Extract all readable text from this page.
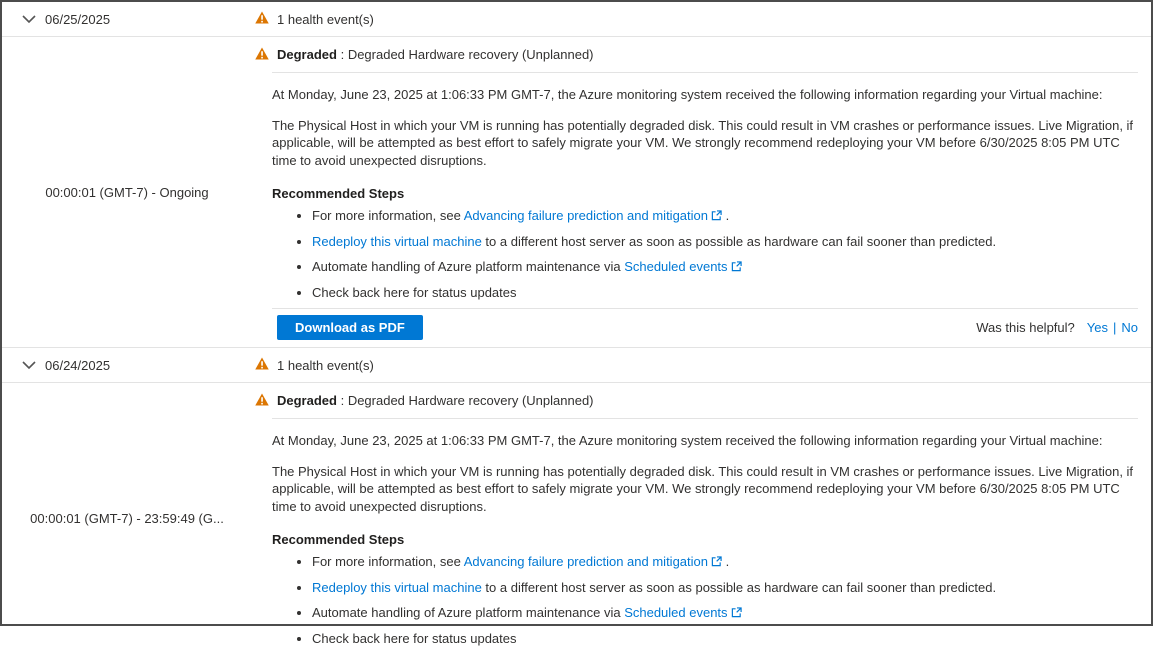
06/25/2025	1 health event(s)
00:00:01 (GMT-7) - Ongoing
Degraded : Degraded Hardware recovery (Unplanned)

At Monday, June 23, 2025 at 1:06:33 PM GMT-7, the Azure monitoring system received the following information regarding your Virtual machine:

The Physical Host in which your VM is running has potentially degraded disk. This could result in VM crashes or performance issues. Live Migration, if applicable, will be attempted as best effort to safely migrate your VM. We strongly recommend redeploying your VM before 6/30/2025 8:05 PM UTC time to avoid unexpected disruptions.

Recommended Steps
• For more information, see Advancing failure prediction and mitigation .
• Redeploy this virtual machine to a different host server as soon as possible as hardware can fail sooner than predicted.
• Automate handling of Azure platform maintenance via Scheduled events
• Check back here for status updates
Download as PDF	Was this helpful? Yes | No
06/24/2025	1 health event(s)
00:00:01 (GMT-7) - 23:59:49 (G...
Degraded : Degraded Hardware recovery (Unplanned)

At Monday, June 23, 2025 at 1:06:33 PM GMT-7, the Azure monitoring system received the following information regarding your Virtual machine:

The Physical Host in which your VM is running has potentially degraded disk. This could result in VM crashes or performance issues. Live Migration, if applicable, will be attempted as best effort to safely migrate your VM. We strongly recommend redeploying your VM before 6/30/2025 8:05 PM UTC time to avoid unexpected disruptions.

Recommended Steps
• For more information, see Advancing failure prediction and mitigation .
• Redeploy this virtual machine to a different host server as soon as possible as hardware can fail sooner than predicted.
• Automate handling of Azure platform maintenance via Scheduled events
• Check back here for status updates
